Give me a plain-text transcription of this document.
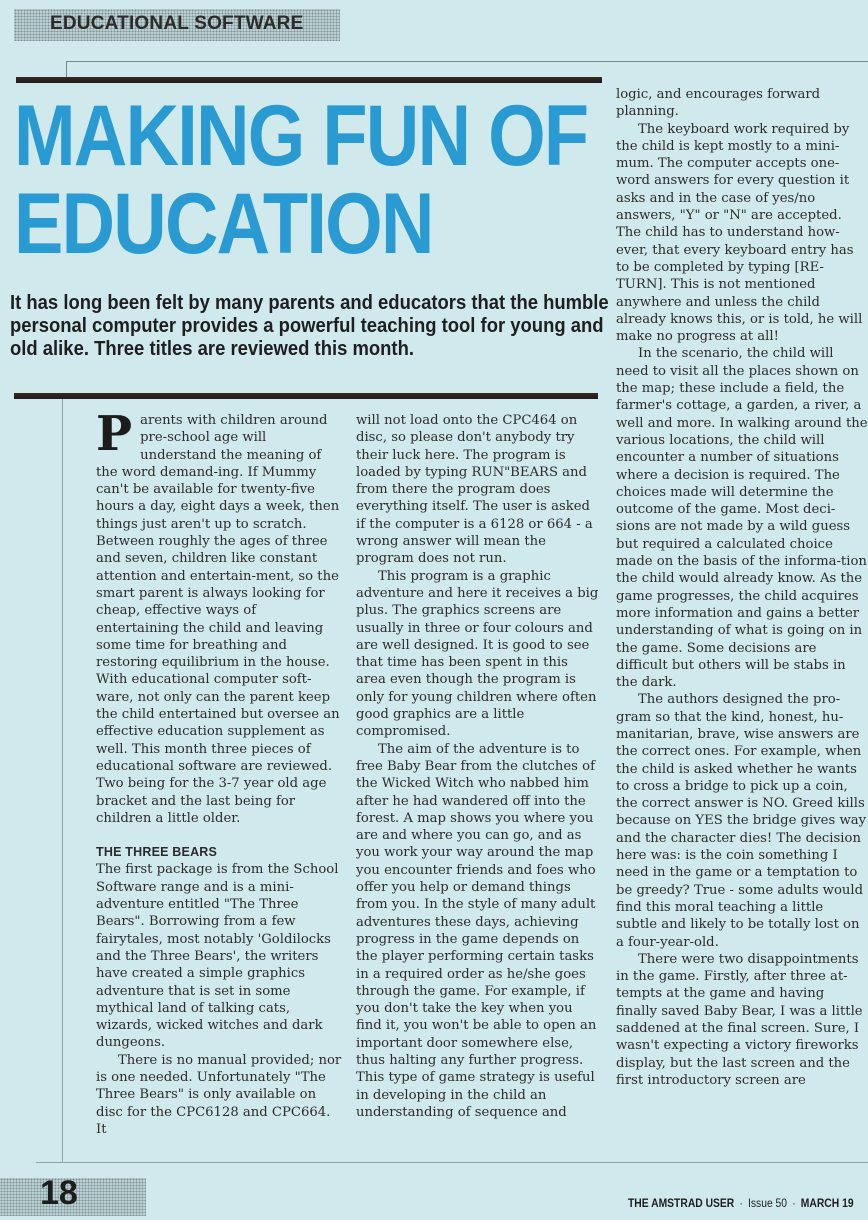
EDUCATIONAL SOFTWARE
MAKING FUN OF
EDUCATION
It has long been felt by many parents and educators that the humble personal computer provides a powerful teaching tool for young and old alike. Three titles are reviewed this month.

Parents with children around pre-school age will understand the meaning of the word demand-ing. If Mummy can't be available for twenty-five hours a day, eight days a week, then things just aren't up to scratch. Between roughly the ages of three and seven, children like constant attention and entertain-ment, so the smart parent is always looking for cheap, effective ways of entertaining the child and leaving some time for breathing and restoring equilibrium in the house. With educational computer soft-ware, not only can the parent keep the child entertained but oversee an effective education supplement as well. This month three pieces of educational software are reviewed. Two being for the 3-7 year old age bracket and the last being for children a little older.

THE THREE BEARS

The first package is from the School Software range and is a mini-adventure entitled "The Three Bears". Borrowing from a few fairytales, most notably 'Goldilocks and the Three Bears', the writers have created a simple graphics adventure that is set in some mythical land of talking cats, wizards, wicked witches and dark dungeons.

There is no manual provided; nor is one needed. Unfortunately "The Three Bears" is only available on disc for the CPC6128 and CPC664. It

will not load onto the CPC464 on disc, so please don't anybody try their luck here. The program is loaded by typing RUN"BEARS and from there the program does everything itself. The user is asked if the computer is a 6128 or 664 - a wrong answer will mean the program does not run.

This program is a graphic adventure and here it receives a big plus. The graphics screens are usually in three or four colours and are well designed. It is good to see that time has been spent in this area even though the program is only for young children where often good graphics are a little compromised.

The aim of the adventure is to free Baby Bear from the clutches of the Wicked Witch who nabbed him after he had wandered off into the forest. A map shows you where you are and where you can go, and as you work your way around the map you encounter friends and foes who offer you help or demand things from you. In the style of many adult adventures these days, achieving progress in the game depends on the player performing certain tasks in a required order as he/she goes through the game. For example, if you don't take the key when you find it, you won't be able to open an important door somewhere else, thus halting any further progress. This type of game strategy is useful in developing in the child an understanding of sequence and

logic, and encourages forward planning.

The keyboard work required by the child is kept mostly to a mini-mum. The computer accepts one-word answers for every question it asks and in the case of yes/no answers, "Y" or "N" are accepted. The child has to understand how-ever, that every keyboard entry has to be completed by typing [RE-TURN]. This is not mentioned anywhere and unless the child already knows this, or is told, he will make no progress at all!

In the scenario, the child will need to visit all the places shown on the map; these include a field, the farmer's cottage, a garden, a river, a well and more. In walking around the various locations, the child will encounter a number of situations where a decision is required. The choices made will determine the outcome of the game. Most deci-sions are not made by a wild guess but required a calculated choice made on the basis of the informa-tion the child would already know. As the game progresses, the child acquires more information and gains a better understanding of what is going on in the game. Some decisions are difficult but others will be stabs in the dark.

The authors designed the pro-gram so that the kind, honest, hu-manitarian, brave, wise answers are the correct ones. For example, when the child is asked whether he wants to cross a bridge to pick up a coin, the correct answer is NO. Greed kills because on YES the bridge gives way and the character dies! The decision here was: is the coin something I need in the game or a temptation to be greedy? True - some adults would find this moral teaching a little subtle and likely to be totally lost on a four-year-old.

There were two disappointments in the game. Firstly, after three at-tempts at the game and having finally saved Baby Bear, I was a little saddened at the final screen. Sure, I wasn't expecting a victory fireworks display, but the last screen and the first introductory screen are

18	THE AMSTRAD USER · Issue 50 · MARCH 19
